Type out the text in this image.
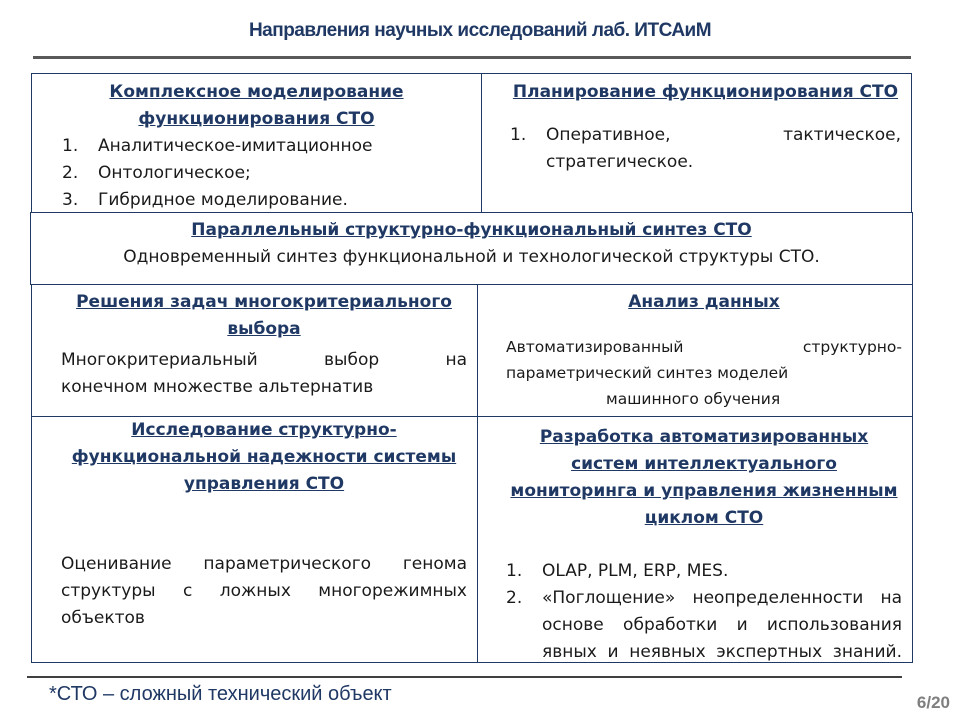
Направления научных исследований лаб. ИТСАиМ
Комплексное моделирование
функционирования СТО
1.	Аналитическое-имитационное
2.	Онтологическое;
3.	Гибридное моделирование.
Планирование функционирования СТО
1.	Оперативное, тактическое,
стратегическое.
Параллельный структурно-функциональный синтез СТО
Одновременный синтез функциональной и технологической структуры СТО.
Решения задач многокритериального
выбора
Многокритериальный выбор на
конечном множестве альтернатив
Анализ данных
Автоматизированный структурно-
параметрический синтез моделей
машинного обучения
Исследование структурно-
функциональной надежности системы
управления СТО
Оценивание параметрического генома
структуры с ложных многорежимных
объектов
Разработка автоматизированных
систем интеллектуального
мониторинга и управления жизненным
циклом СТО
1.	OLAP, PLM, ERP, MES.
2.	«Поглощение» неопределенности на
основе обработки и использования
явных и неявных экспертных знаний.
*СТО – сложный технический объект	6/20
